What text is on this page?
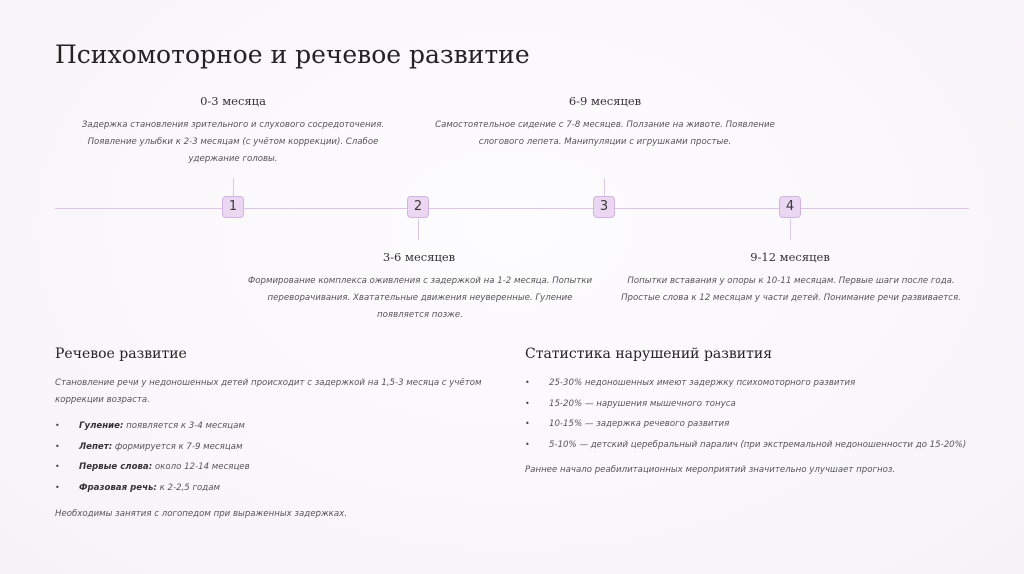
Психомоторное и речевое развитие
0-3 месяца
Задержка становления зрительного и слухового сосредоточения. Появление улыбки к 2-3 месяцам (с учётом коррекции). Слабое удержание головы.
1	2
3-6 месяцев
Формирование комплекса оживления с задержкой на 1-2 месяца. Попытки переворачивания. Хватательные движения неуверенные. Гуление появляется позже.
6-9 месяцев
Самостоятельное сидение с 7-8 месяцев. Ползание на животе. Появление слогового лепета. Манипуляции с игрушками простые.
3	4
9-12 месяцев
Попытки вставания у опоры к 10-11 месяцам. Первые шаги после года. Простые слова к 12 месяцам у части детей. Понимание речи развивается.
Речевое развитие
Становление речи у недоношенных детей происходит с задержкой на 1,5-3 месяца с учётом коррекции возраста.
• Гуление: появляется к 3-4 месяцам
• Лепет: формируется к 7-9 месяцам
• Первые слова: около 12-14 месяцев
• Фразовая речь: к 2-2,5 годам
Необходимы занятия с логопедом при выраженных задержках.
Статистика нарушений развития
• 25-30% недоношенных имеют задержку психомоторного развития
• 15-20% — нарушения мышечного тонуса
• 10-15% — задержка речевого развития
• 5-10% — детский церебральный паралич (при экстремальной недоношенности до 15-20%)
Раннее начало реабилитационных мероприятий значительно улучшает прогноз.
